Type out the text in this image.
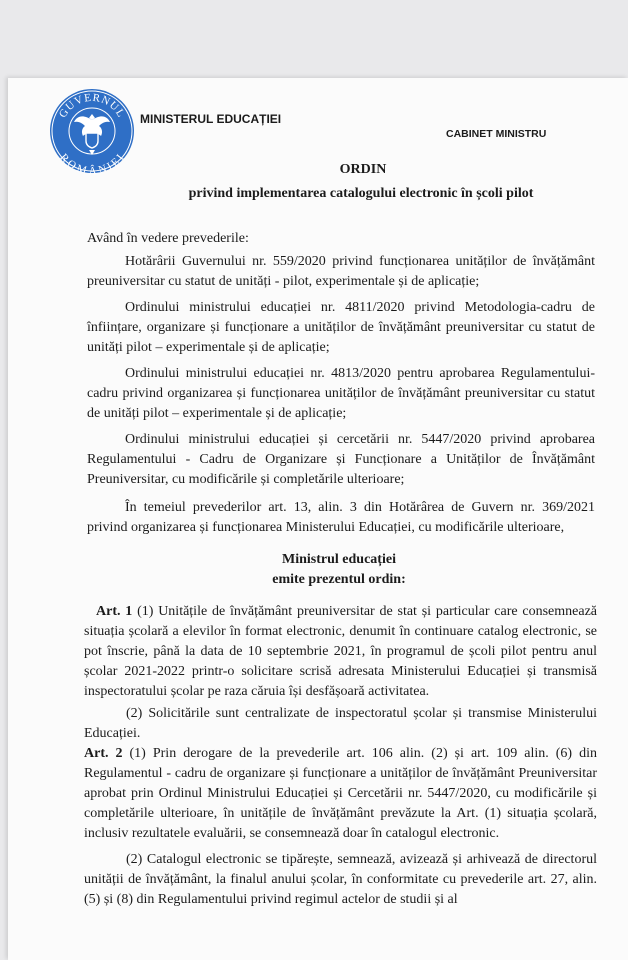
GUVERNUL
ROMÂNIEI
MINISTERUL EDUCAȚIEI
CABINET MINISTRU
ORDIN
privind implementarea catalogului electronic în școli pilot

Având în vedere prevederile:

Hotărârii Guvernului nr. 559/2020 privind funcționarea unităților de învățământ preuniversitar cu statut de unități - pilot, experimentale și de aplicație;

Ordinului ministrului educației nr. 4811/2020 privind Metodologia-cadru de înființare, organizare și funcționare a unităților de învățământ preuniversitar cu statut de unități pilot – experimentale și de aplicație;

Ordinului ministrului educației nr. 4813/2020 pentru aprobarea Regulamentului-cadru privind organizarea și funcționarea unităților de învățământ preuniversitar cu statut de unități pilot – experimentale și de aplicație;

Ordinului ministrului educației și cercetării nr. 5447/2020 privind aprobarea Regulamentului - Cadru de Organizare și Funcționare a Unităților de Învățământ Preuniversitar, cu modificările și completările ulterioare;

În temeiul prevederilor art. 13, alin. 3 din Hotărârea de Guvern nr. 369/2021 privind organizarea și funcționarea Ministerului Educației, cu modificările ulterioare,

Ministrul educației
emite prezentul ordin:

Art. 1 (1) Unitățile de învățământ preuniversitar de stat și particular care consemnează situația școlară a elevilor în format electronic, denumit în continuare catalog electronic, se pot înscrie, până la data de 10 septembrie 2021, în programul de școli pilot pentru anul școlar 2021-2022 printr-o solicitare scrisă adresata Ministerului Educației și transmisă inspectoratului școlar pe raza căruia își desfășoară activitatea.

(2) Solicitările sunt centralizate de inspectoratul școlar și transmise Ministerului Educației.

Art. 2 (1) Prin derogare de la prevederile art. 106 alin. (2) și art. 109 alin. (6) din Regulamentul - cadru de organizare și funcționare a unităților de învățământ Preuniversitar aprobat prin Ordinul Ministrului Educației și Cercetării nr. 5447/2020, cu modificările și completările ulterioare, în unitățile de învățământ prevăzute la Art. (1) situația școlară, inclusiv rezultatele evaluării, se consemnează doar în catalogul electronic.

(2) Catalogul electronic se tipărește, semnează, avizează și arhivează de directorul unității de învățământ, la finalul anului școlar, în conformitate cu prevederile art. 27, alin. (5) și (8) din Regulamentului privind regimul actelor de studii și al
